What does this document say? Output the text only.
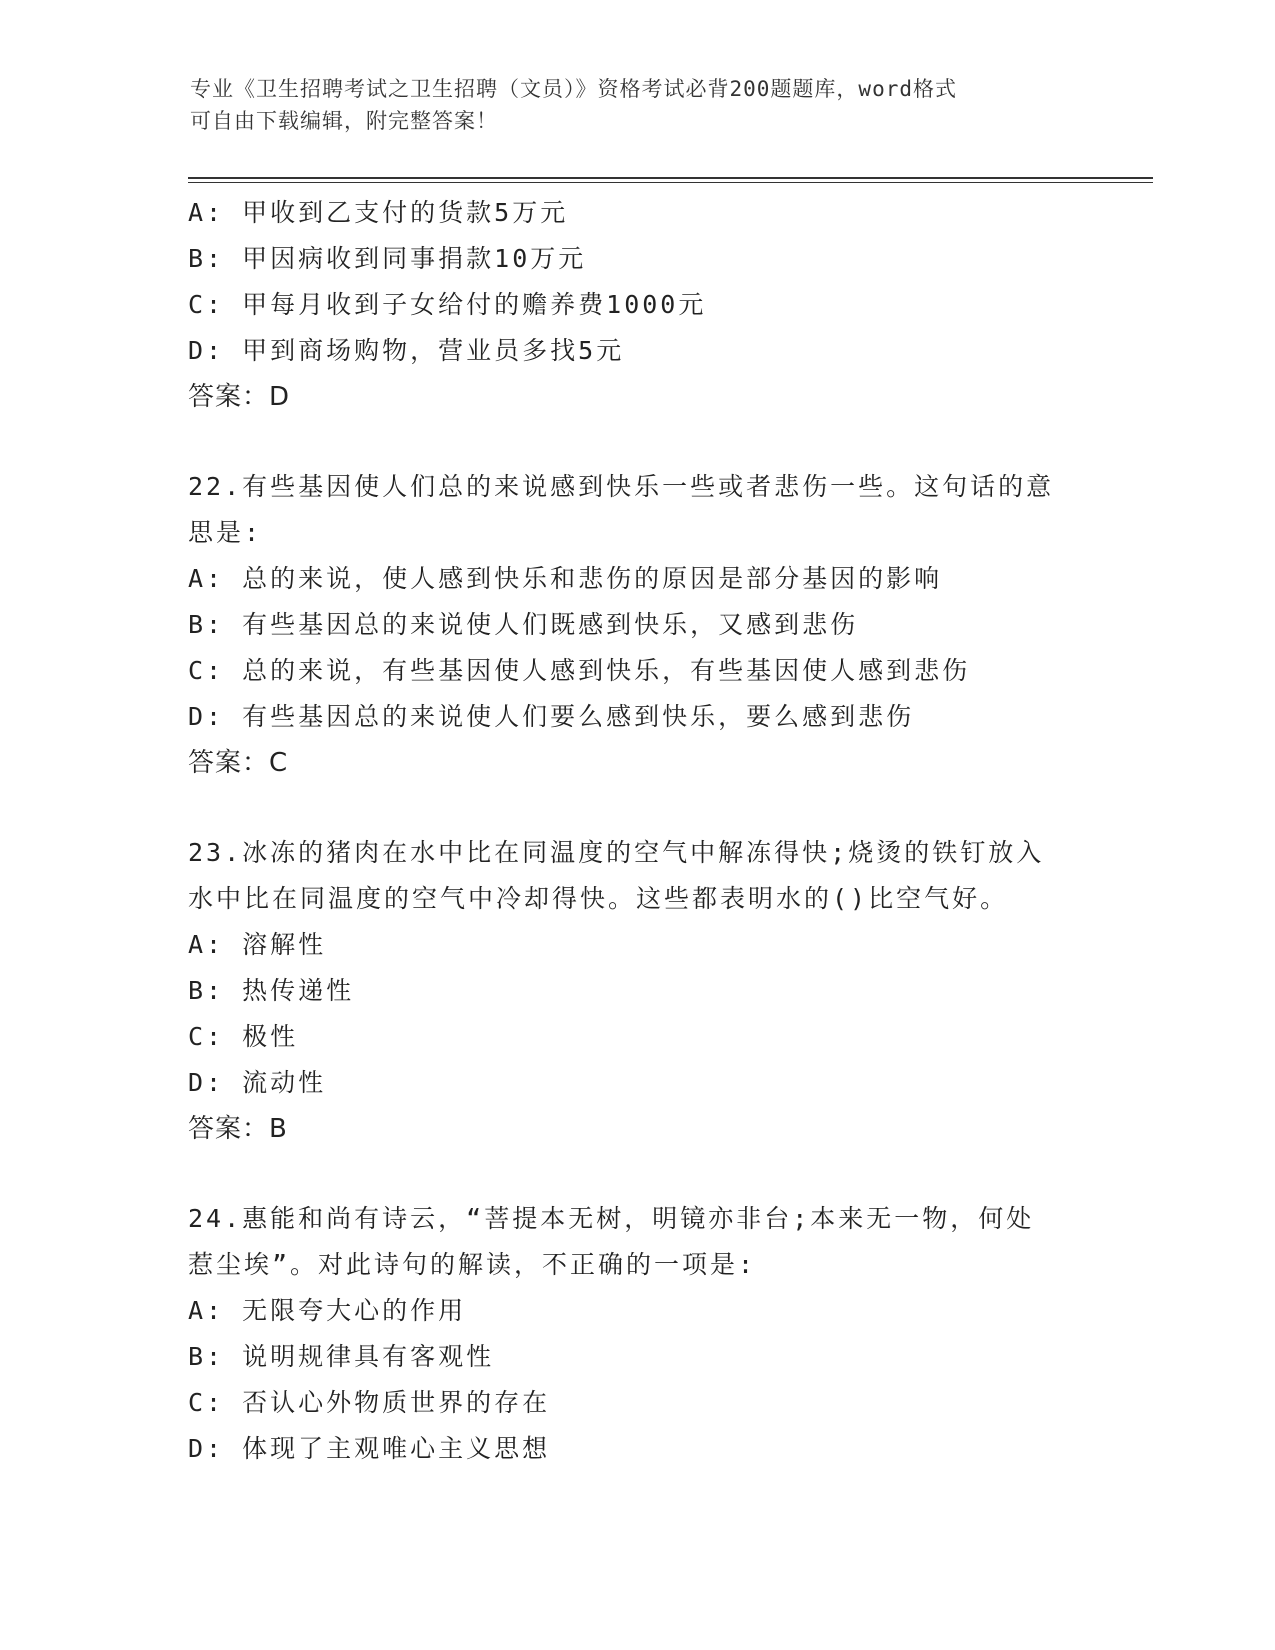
专业《卫生招聘考试之卫生招聘（文员）》资格考试必背200题题库，word格式
可自由下载编辑，附完整答案！
A: 甲收到乙支付的货款5万元
B: 甲因病收到同事捐款10万元
C: 甲每月收到子女给付的赡养费1000元
D: 甲到商场购物，营业员多找5元
答案：D
22.有些基因使人们总的来说感到快乐一些或者悲伤一些。这句话的意
思是:
A: 总的来说，使人感到快乐和悲伤的原因是部分基因的影响
B: 有些基因总的来说使人们既感到快乐，又感到悲伤
C: 总的来说，有些基因使人感到快乐，有些基因使人感到悲伤
D: 有些基因总的来说使人们要么感到快乐，要么感到悲伤
答案：C
23.冰冻的猪肉在水中比在同温度的空气中解冻得快;烧烫的铁钉放入
水中比在同温度的空气中冷却得快。这些都表明水的()比空气好。
A: 溶解性
B: 热传递性
C: 极性
D: 流动性
答案：B
24.惠能和尚有诗云，“菩提本无树，明镜亦非台;本来无一物，何处
惹尘埃”。对此诗句的解读，不正确的一项是:
A: 无限夸大心的作用
B: 说明规律具有客观性
C: 否认心外物质世界的存在
D: 体现了主观唯心主义思想
